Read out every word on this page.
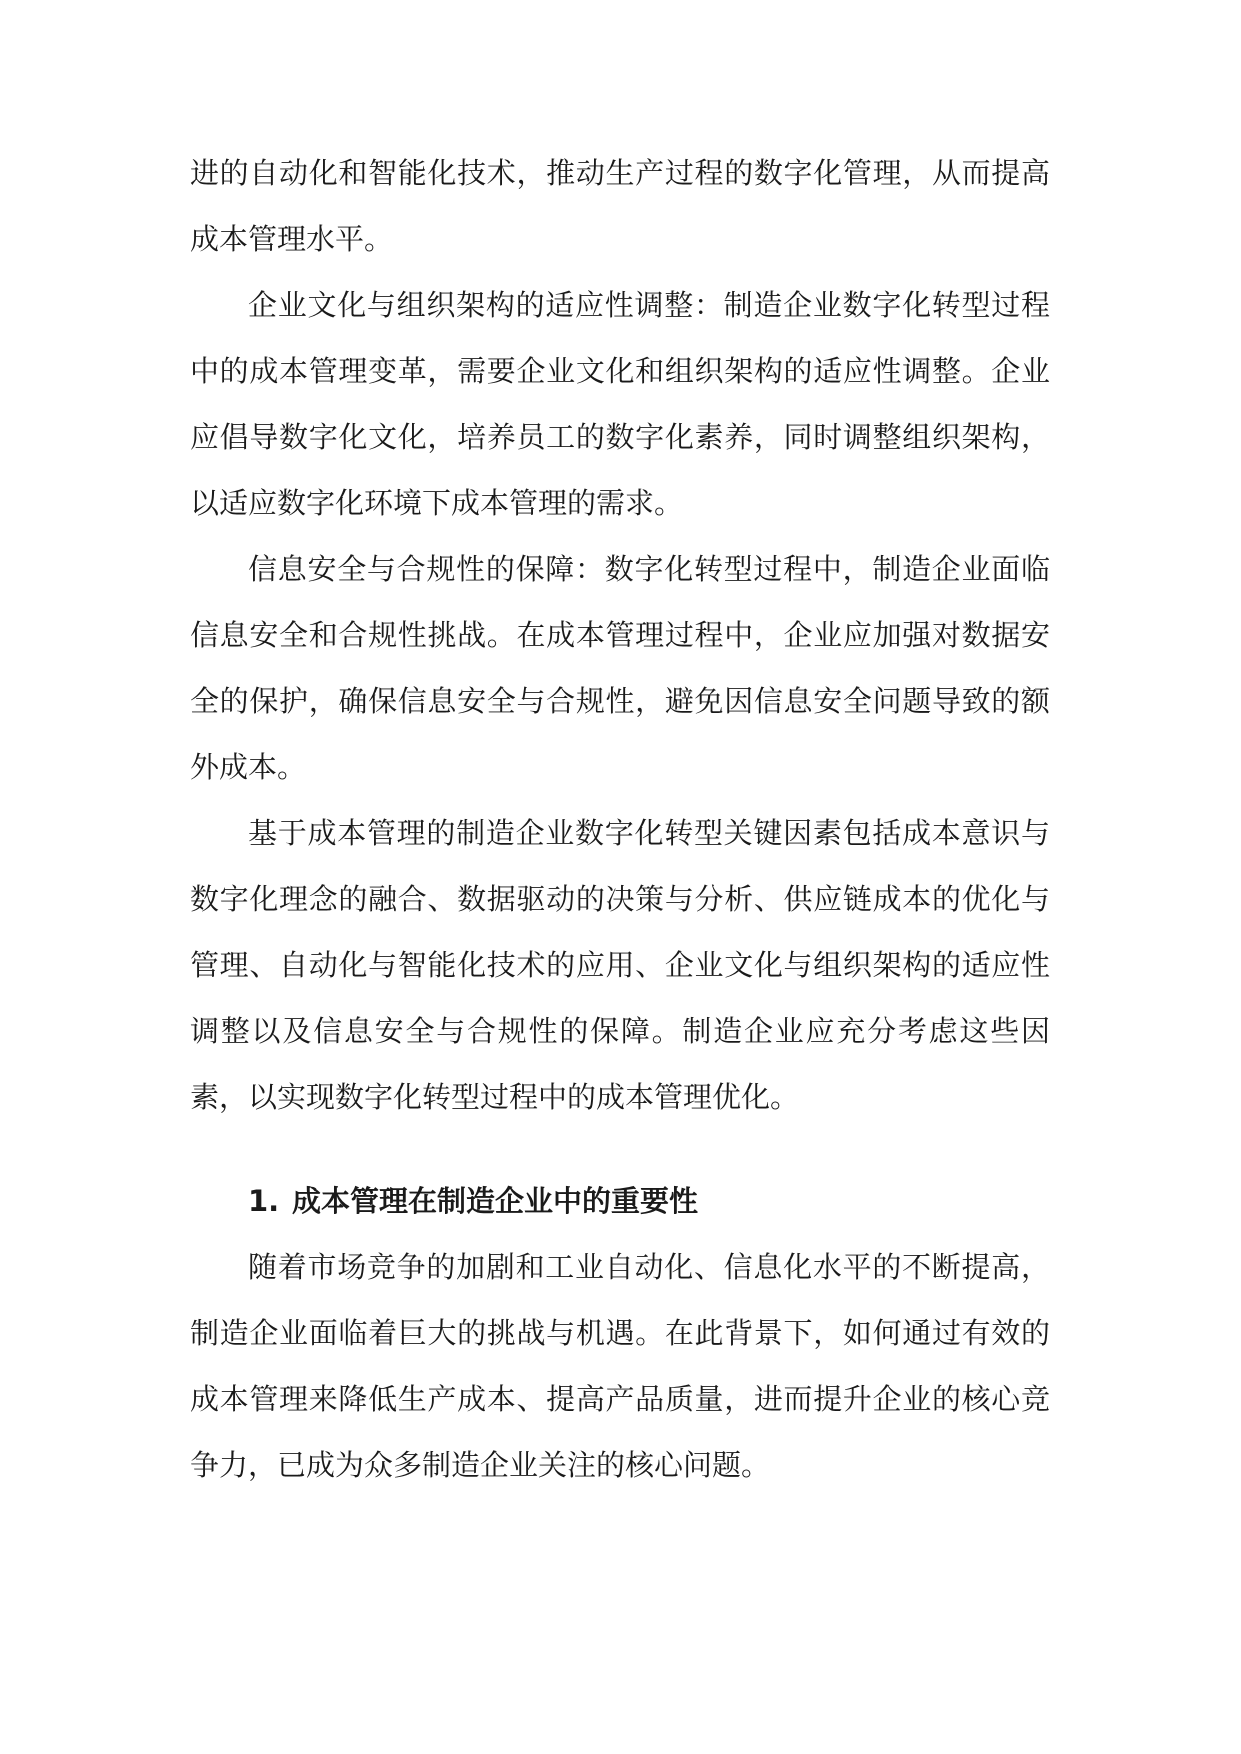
进的自动化和智能化技术，推动生产过程的数字化管理，从而提高成本管理水平。

企业文化与组织架构的适应性调整：制造企业数字化转型过程中的成本管理变革，需要企业文化和组织架构的适应性调整。企业应倡导数字化文化，培养员工的数字化素养，同时调整组织架构，以适应数字化环境下成本管理的需求。

信息安全与合规性的保障：数字化转型过程中，制造企业面临信息安全和合规性挑战。在成本管理过程中，企业应加强对数据安全的保护，确保信息安全与合规性，避免因信息安全问题导致的额外成本。

基于成本管理的制造企业数字化转型关键因素包括成本意识与数字化理念的融合、数据驱动的决策与分析、供应链成本的优化与管理、自动化与智能化技术的应用、企业文化与组织架构的适应性调整以及信息安全与合规性的保障。制造企业应充分考虑这些因素，以实现数字化转型过程中的成本管理优化。

1. 成本管理在制造企业中的重要性

随着市场竞争的加剧和工业自动化、信息化水平的不断提高，制造企业面临着巨大的挑战与机遇。在此背景下，如何通过有效的成本管理来降低生产成本、提高产品质量，进而提升企业的核心竞争力，已成为众多制造企业关注的核心问题。
